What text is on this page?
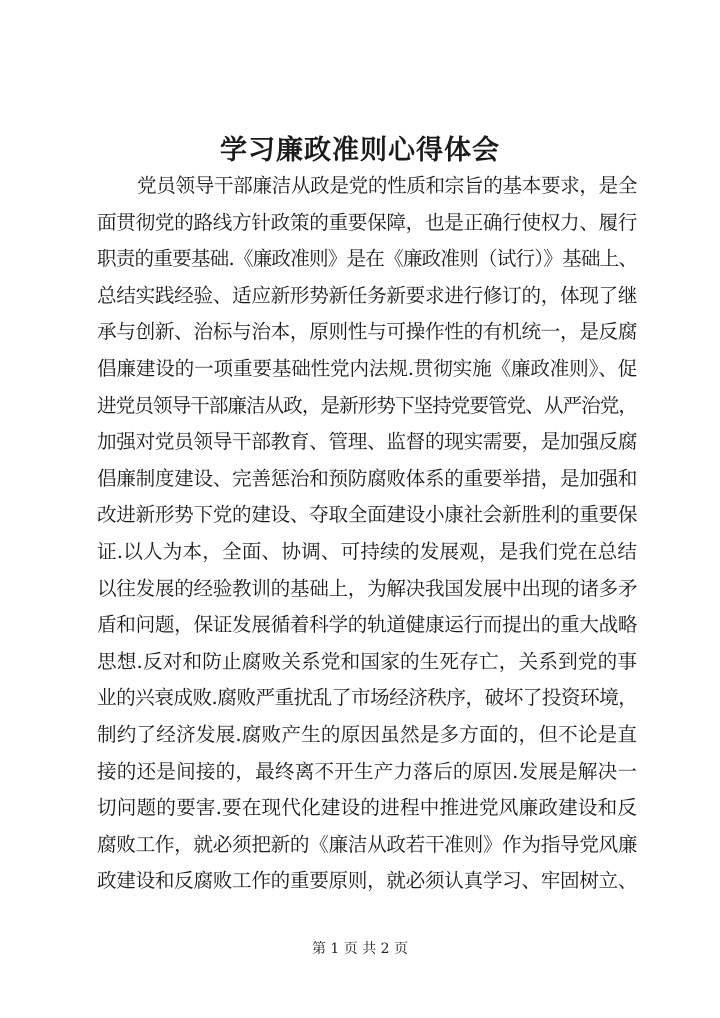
学习廉政准则心得体会
党员领导干部廉洁从政是党的性质和宗旨的基本要求，是全
面贯彻党的路线方针政策的重要保障，也是正确行使权力、履行
职责的重要基础.《廉政准则》是在《廉政准则（试行）》基础上、
总结实践经验、适应新形势新任务新要求进行修订的，体现了继
承与创新、治标与治本，原则性与可操作性的有机统一，是反腐
倡廉建设的一项重要基础性党内法规.贯彻实施《廉政准则》、促
进党员领导干部廉洁从政，是新形势下坚持党要管党、从严治党，
加强对党员领导干部教育、管理、监督的现实需要，是加强反腐
倡廉制度建设、完善惩治和预防腐败体系的重要举措，是加强和
改进新形势下党的建设、夺取全面建设小康社会新胜利的重要保
证.以人为本，全面、协调、可持续的发展观，是我们党在总结
以往发展的经验教训的基础上，为解决我国发展中出现的诸多矛
盾和问题，保证发展循着科学的轨道健康运行而提出的重大战略
思想.反对和防止腐败关系党和国家的生死存亡，关系到党的事
业的兴衰成败.腐败严重扰乱了市场经济秩序，破坏了投资环境，
制约了经济发展.腐败产生的原因虽然是多方面的，但不论是直
接的还是间接的，最终离不开生产力落后的原因.发展是解决一
切问题的要害.要在现代化建设的进程中推进党风廉政建设和反
腐败工作，就必须把新的《廉洁从政若干准则》作为指导党风廉
政建设和反腐败工作的重要原则，就必须认真学习、牢固树立、
第 1 页 共 2 页
